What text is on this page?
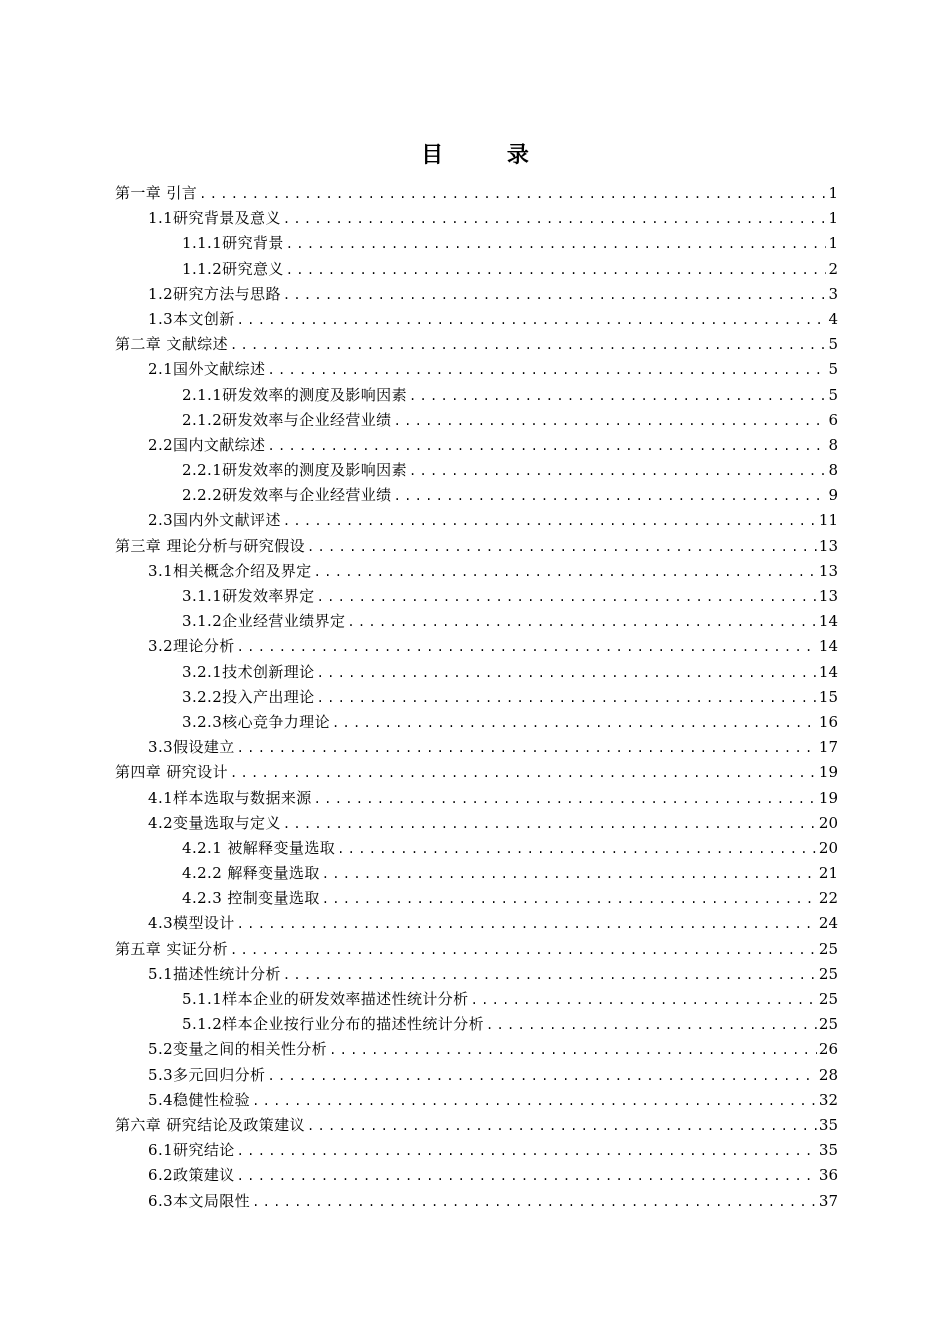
目 录
第一章 引言 .....	1
1.1研究背景及意义 .....	1
1.1.1研究背景 .....	1
1.1.2研究意义 .....	2
1.2研究方法与思路 .....	3
1.3本文创新 .....	4
第二章 文献综述 .....	5
2.1国外文献综述 .....	5
2.1.1研发效率的测度及影响因素 .....	5
2.1.2研发效率与企业经营业绩 .....	6
2.2国内文献综述 .....	8
2.2.1研发效率的测度及影响因素 .....	8
2.2.2研发效率与企业经营业绩 .....	9
2.3国内外文献评述 .....	11
第三章 理论分析与研究假设 .....	13
3.1相关概念介绍及界定 .....	13
3.1.1研发效率界定 .....	13
3.1.2企业经营业绩界定 .....	14
3.2理论分析 .....	14
3.2.1技术创新理论 .....	14
3.2.2投入产出理论 .....	15
3.2.3核心竞争力理论 .....	16
3.3假设建立 .....	17
第四章 研究设计 .....	19
4.1样本选取与数据来源 .....	19
4.2变量选取与定义 .....	20
4.2.1 被解释变量选取 .....	20
4.2.2 解释变量选取 .....	21
4.2.3 控制变量选取 .....	22
4.3模型设计 .....	24
第五章 实证分析 .....	25
5.1描述性统计分析 .....	25
5.1.1样本企业的研发效率描述性统计分析 .....	25
5.1.2样本企业按行业分布的描述性统计分析 .....	25
5.2变量之间的相关性分析 .....	26
5.3多元回归分析 .....	28
5.4稳健性检验 .....	32
第六章 研究结论及政策建议 .....	35
6.1研究结论 .....	35
6.2政策建议 .....	36
6.3本文局限性 .....	37
